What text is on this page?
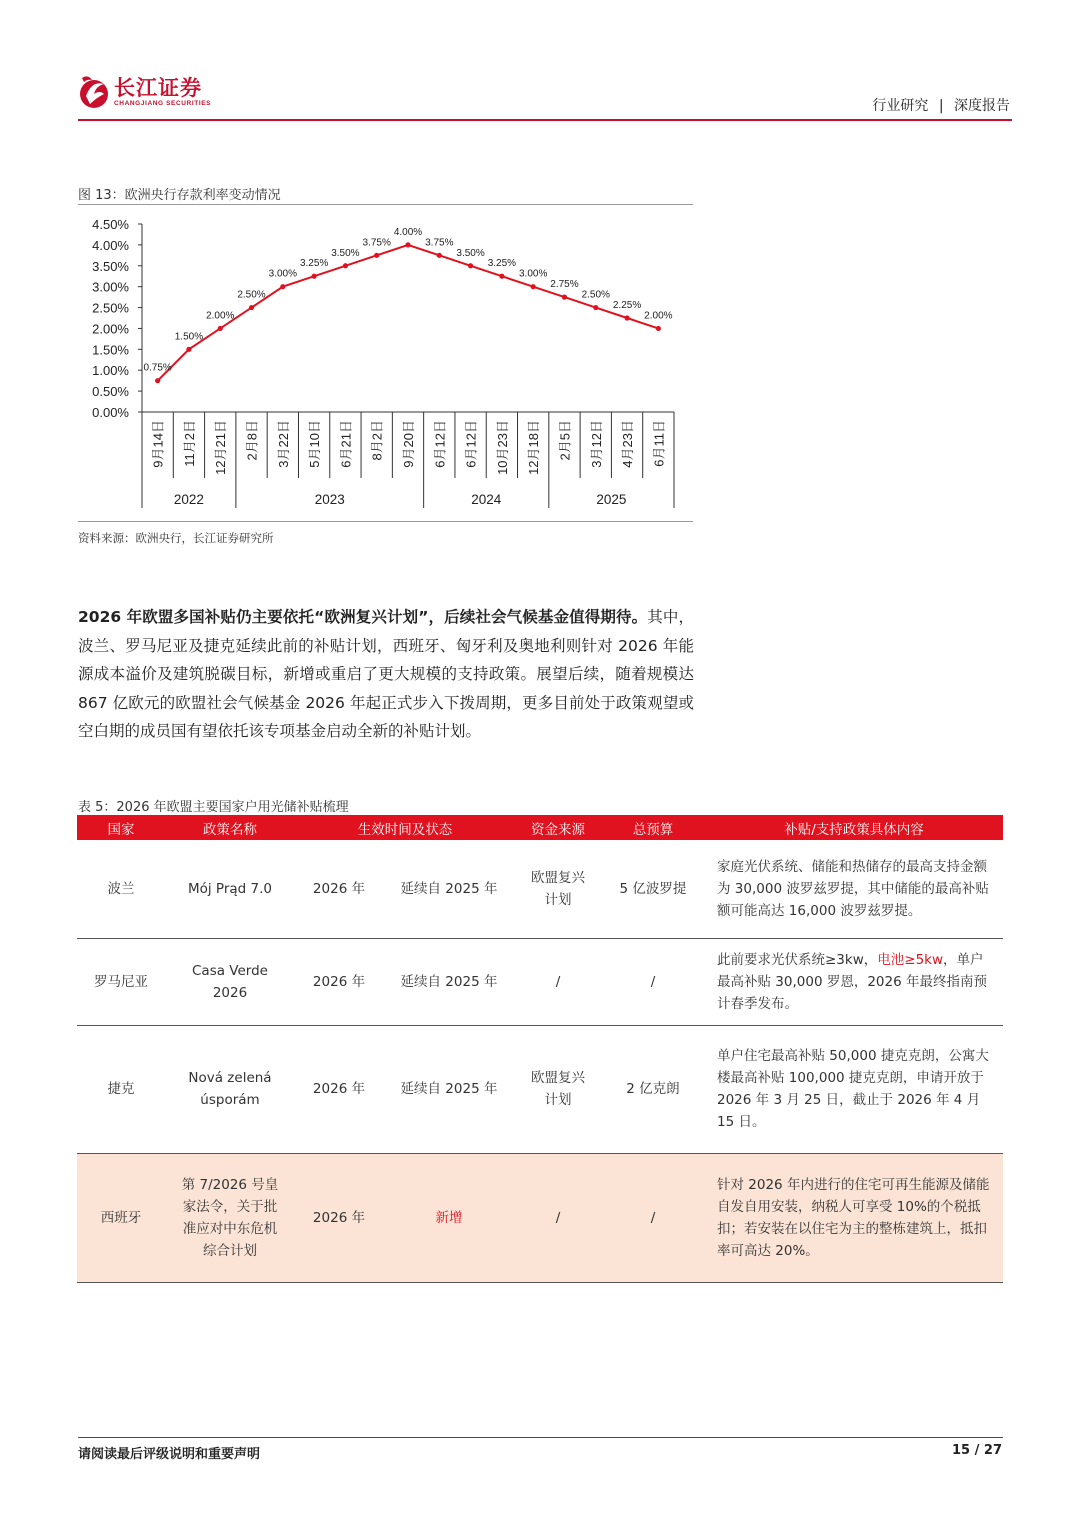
长江证券
CHANGJIANG SECURITIES	行业研究 | 深度报告
图 13：欧洲央行存款利率变动情况
0.00%
0.50%
1.00%
1.50%
2.00%
2.50%
3.00%
3.50%
4.00%
4.50%
2022	2023	2024	2025
9月14日 11月2日 12月21日 2月8日 3月22日 5月10日 6月21日 8月2日 9月20日 6月12日 6月12日 10月23日 12月18日 2月5日 3月12日 4月23日 6月11日
0.75%
1.50%
2.00%
2.50%
3.00%
3.25%
3.50%
3.75%
4.00%
3.75%
3.50%
3.25%
3.00%
2.75%
2.50%
2.25%
2.00%
资料来源：欧洲央行，长江证券研究所
2026 年欧盟多国补贴仍主要依托“欧洲复兴计划”，后续社会气候基金值得期待。其中，波兰、罗马尼亚及捷克延续此前的补贴计划，西班牙、匈牙利及奥地利则针对 2026 年能源成本溢价及建筑脱碳目标，新增或重启了更大规模的支持政策。展望后续，随着规模达 867 亿欧元的欧盟社会气候基金 2026 年起正式步入下拨周期，更多目前处于政策观望或空白期的成员国有望依托该专项基金启动全新的补贴计划。
表 5：2026 年欧盟主要国家户用光储补贴梳理
国家	政策名称	生效时间及状态		资金来源	总预算	补贴/支持政策具体内容
波兰	Mój Prąd 7.0	2026 年	延续自 2025 年	欧盟复兴计划	5 亿波罗提	家庭光伏系统、储能和热储存的最高支持金额为 30,000 波罗兹罗提，其中储能的最高补贴额可能高达 16,000 波罗兹罗提。
罗马尼亚	Casa Verde 2026	2026 年	延续自 2025 年	/	/	此前要求光伏系统≥3kw，电池≥5kw，单户最高补贴 30,000 罗恩，2026 年最终指南预计春季发布。
捷克	Nová zelená úsporám	2026 年	延续自 2025 年	欧盟复兴计划	2 亿克朗	单户住宅最高补贴 50,000 捷克克朗，公寓大楼最高补贴 100,000 捷克克朗，申请开放于 2026 年 3 月 25 日，截止于 2026 年 4 月 15 日。
西班牙	第 7/2026 号皇家法令，关于批准应对中东危机综合计划	2026 年	新增	/	/	针对 2026 年内进行的住宅可再生能源及储能自发自用安装，纳税人可享受 10%的个税抵扣；若安装在以住宅为主的整栋建筑上，抵扣率可高达 20%。
请阅读最后评级说明和重要声明	15 / 27
